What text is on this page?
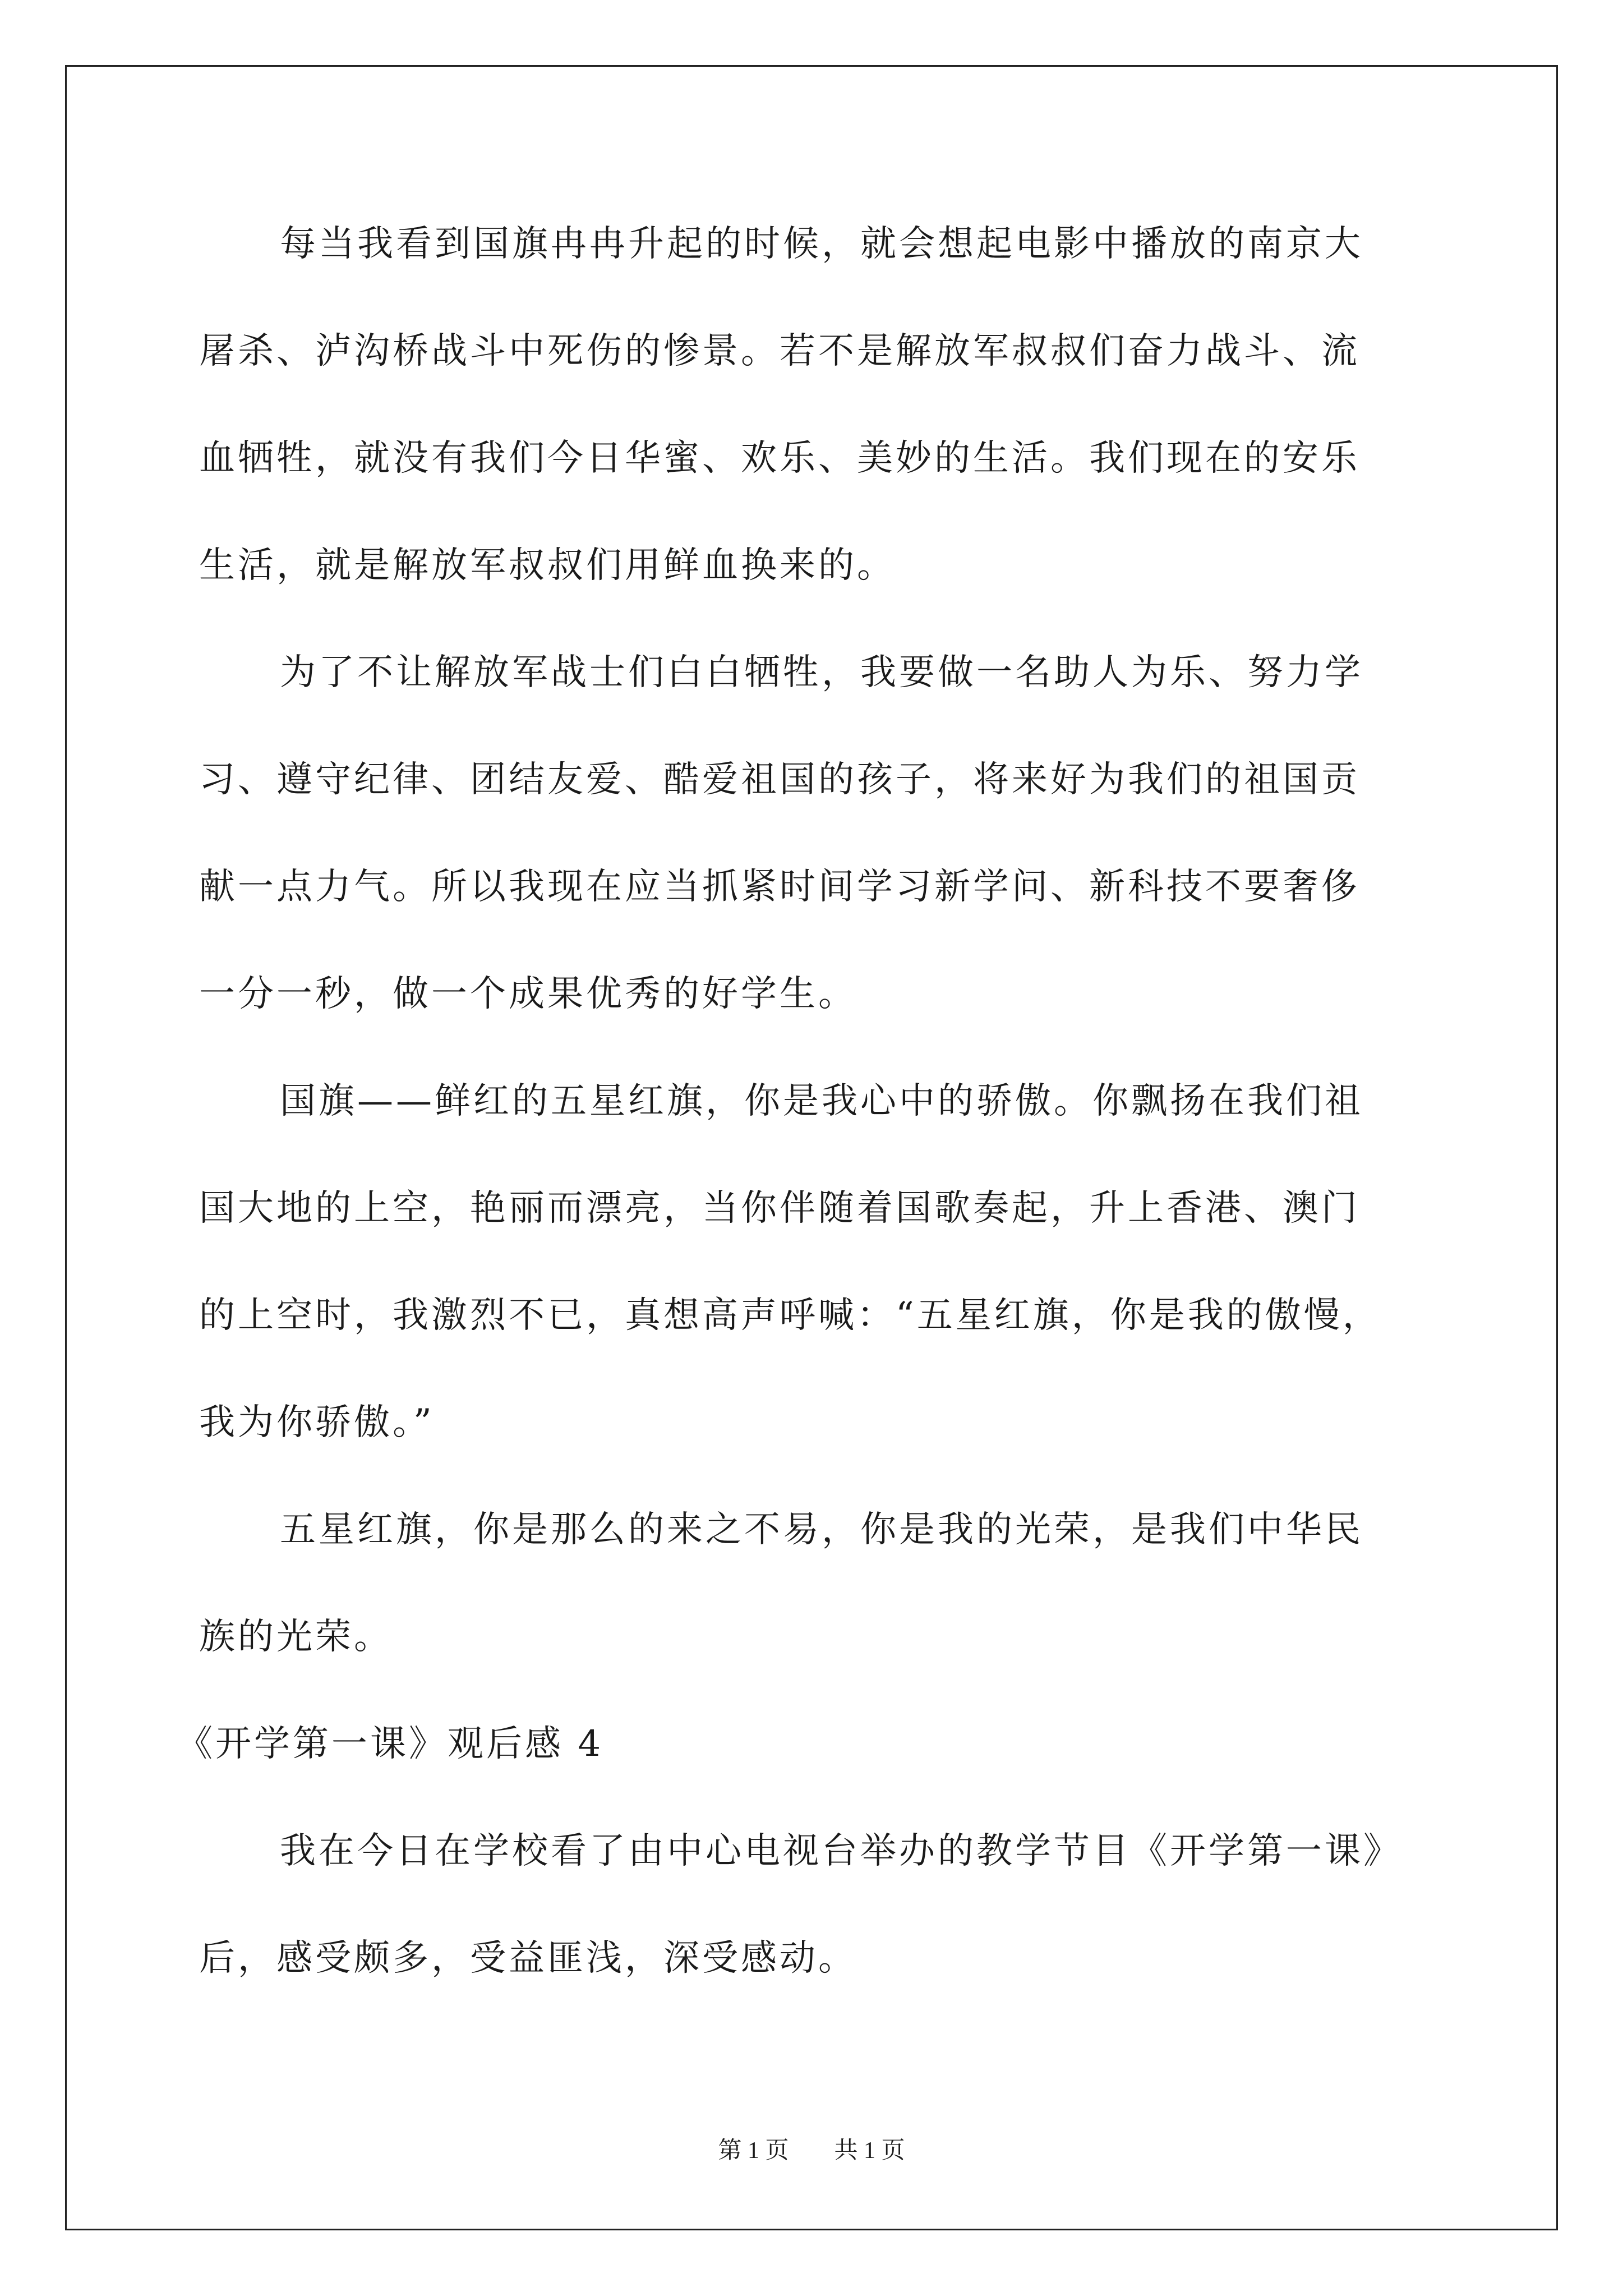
每当我看到国旗冉冉升起的时候，就会想起电影中播放的南京大
屠杀、泸沟桥战斗中死伤的惨景。若不是解放军叔叔们奋力战斗、流
血牺牲，就没有我们今日华蜜、欢乐、美妙的生活。我们现在的安乐
生活，就是解放军叔叔们用鲜血换来的。

为了不让解放军战士们白白牺牲，我要做一名助人为乐、努力学
习、遵守纪律、团结友爱、酷爱祖国的孩子，将来好为我们的祖国贡
献一点力气。所以我现在应当抓紧时间学习新学问、新科技不要奢侈
一分一秒，做一个成果优秀的好学生。

国旗——鲜红的五星红旗，你是我心中的骄傲。你飘扬在我们祖
国大地的上空，艳丽而漂亮，当你伴随着国歌奏起，升上香港、澳门
的上空时，我激烈不已，真想高声呼喊：“五星红旗，你是我的傲慢，
我为你骄傲。”

五星红旗，你是那么的来之不易，你是我的光荣，是我们中华民
族的光荣。

《开学第一课》观后感 4

我在今日在学校看了由中心电视台举办的教学节目《开学第一课》
后，感受颇多，受益匪浅，深受感动。

第 1 页 共 1 页
